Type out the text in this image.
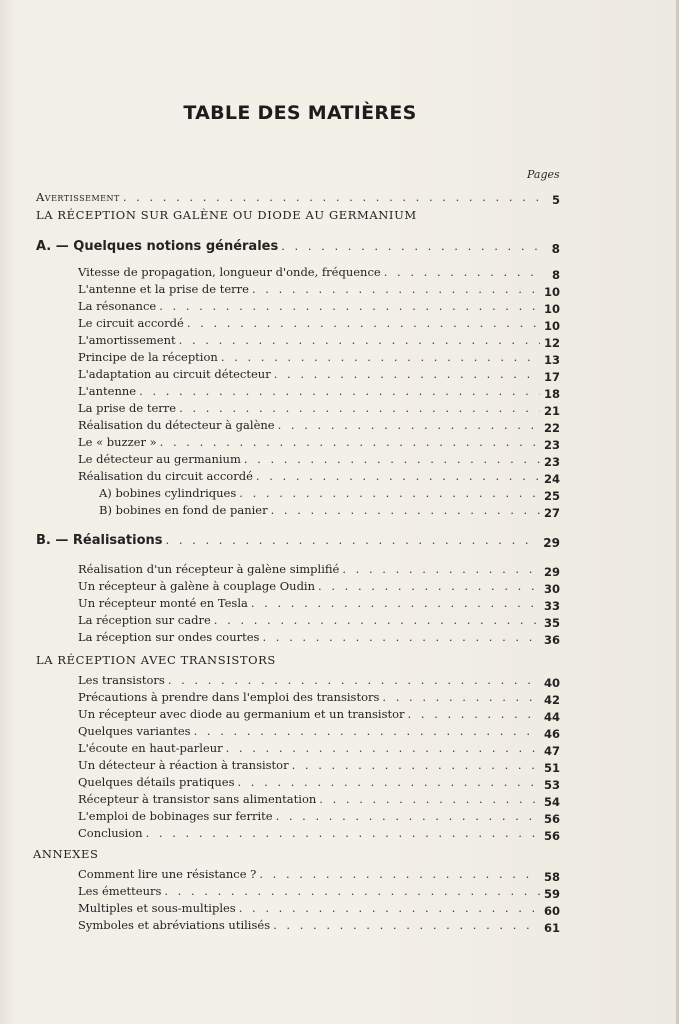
TABLE DES MATIÈRES
Pages
Avertissement . . .	5
LA RÉCEPTION SUR GALÈNE OU DIODE AU GERMANIUM
A. — Quelques notions générales . . .	8
Vitesse de propagation, longueur d'onde, fréquence . . .	8
L'antenne et la prise de terre . . .	10
La résonance . . .	10
Le circuit accordé . . .	10
L'amortissement . . .	12
Principe de la réception . . .	13
L'adaptation au circuit détecteur . . .	17
L'antenne . . .	18
La prise de terre . . .	21
Réalisation du détecteur à galène . . .	22
Le « buzzer » . . .	23
Le détecteur au germanium . . .	23
Réalisation du circuit accordé . . .	24
A) bobines cylindriques . . .	25
B) bobines en fond de panier . . .	27
B. — Réalisations . . .	29
Réalisation d'un récepteur à galène simplifié . . .	29
Un récepteur à galène à couplage Oudin . . .	30
Un récepteur monté en Tesla . . .	33
La réception sur cadre . . .	35
La réception sur ondes courtes . . .	36
LA RÉCEPTION AVEC TRANSISTORS
Les transistors . . .	40
Précautions à prendre dans l'emploi des transistors . . .	42
Un récepteur avec diode au germanium et un transistor . . .	44
Quelques variantes . . .	46
L'écoute en haut-parleur . . .	47
Un détecteur à réaction à transistor . . .	51
Quelques détails pratiques . . .	53
Récepteur à transistor sans alimentation . . .	54
L'emploi de bobinages sur ferrite . . .	56
Conclusion . . .	56
ANNEXES
Comment lire une résistance ? . . .	58
Les émetteurs . . .	59
Multiples et sous-multiples . . .	60
Symboles et abréviations utilisés . . .	61
